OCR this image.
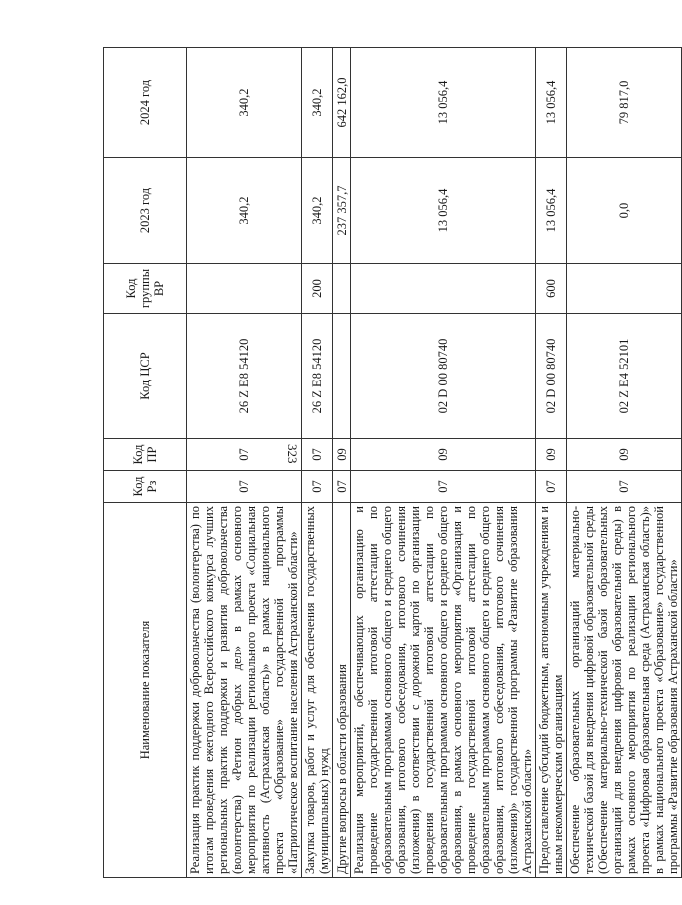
323
Наименование показателя	Код Рз	Код ПР	Код ЦСР	Код группы ВР	2023 год	2024 год
Реализация практик поддержки добровольчества (волонтерства) по итогам проведения ежегодного Всероссийского конкурса лучших региональных практик поддержки и развития добровольчества (волонтерства) «Регион добрых дел» в рамках основного мероприятия по реализации регионального проекта «Социальная активность (Астраханская область)» в рамках национального проекта «Образование» государственной программы «Патриотическое воспитание населения Астраханской области»	07	07	26 Z E8 54120		340,2	340,2
Закупка товаров, работ и услуг для обеспечения государственных (муниципальных) нужд	07	07	26 Z E8 54120	200	340,2	340,2
Другие вопросы в области образования	07	09			237 357,7	642 162,0
Реализация мероприятий, обеспечивающих организацию и проведение государственной итоговой аттестации по образовательным программам основного общего и среднего общего образования, итогового собеседования, итогового сочинения (изложения) в соответствии с дорожной картой по организации проведения государственной итоговой аттестации по образовательным программам основного общего и среднего общего образования, в рамках основного мероприятия «Организация и проведение государственной итоговой аттестации по образовательным программам основного общего и среднего общего образования, итогового собеседования, итогового сочинения (изложения)» государственной программы «Развитие образования Астраханской области»	07	09	02 D 00 80740		13 056,4	13 056,4
Предоставление субсидий бюджетным, автономным учреждениям и иным некоммерческим организациям	07	09	02 D 00 80740	600	13 056,4	13 056,4
Обеспечение образовательных организаций материально-технической базой для внедрения цифровой образовательной среды (Обеспечение материально-технической базой образовательных организаций для внедрения цифровой образовательной среды) в рамках основного мероприятия по реализации регионального проекта «Цифровая образовательная среда (Астраханская область)» в рамках национального проекта «Образование» государственной программы «Развитие образования Астраханской области»	07	09	02 Z E4 52101		0,0	79 817,0
